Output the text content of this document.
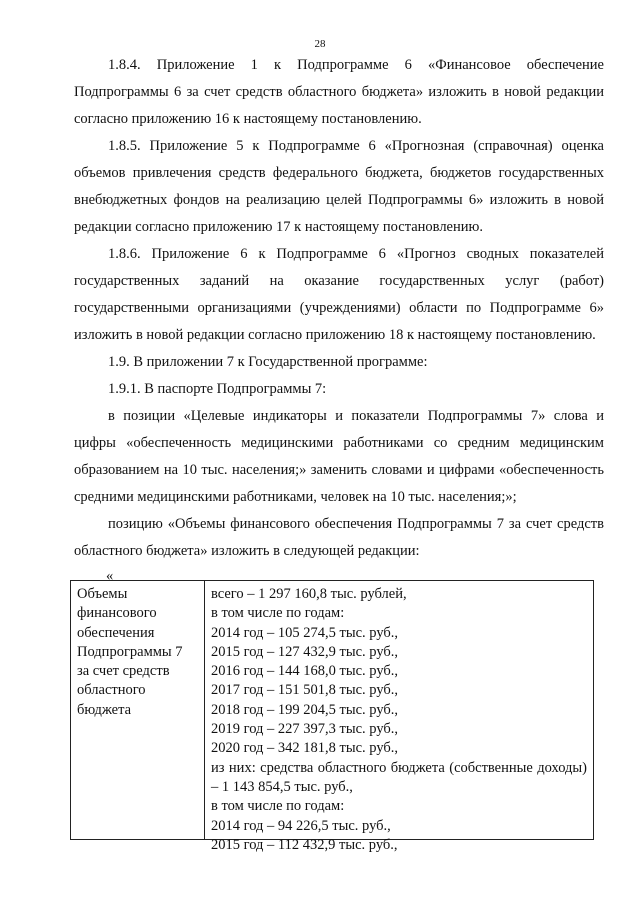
28

1.8.4. Приложение 1 к Подпрограмме 6 «Финансовое обеспечение Подпрограммы 6 за счет средств областного бюджета» изложить в новой редакции согласно приложению 16 к настоящему постановлению.

1.8.5. Приложение 5 к Подпрограмме 6 «Прогнозная (справочная) оценка объемов привлечения средств федерального бюджета, бюджетов государственных внебюджетных фондов на реализацию целей Подпрограммы 6» изложить в новой редакции согласно приложению 17 к настоящему постановлению.

1.8.6. Приложение 6 к Подпрограмме 6 «Прогноз сводных показателей государственных заданий на оказание государственных услуг (работ) государственными организациями (учреждениями) области по Подпрограмме 6» изложить в новой редакции согласно приложению 18 к настоящему постановлению.

1.9. В приложении 7 к Государственной программе:

1.9.1. В паспорте Подпрограммы 7:

в позиции «Целевые индикаторы и показатели Подпрограммы 7» слова и цифры «обеспеченность медицинскими работниками со средним медицинским образованием на 10 тыс. населения;» заменить словами и цифрами «обеспеченность средними медицинскими работниками, человек на 10 тыс. населения;»;

позицию «Объемы финансового обеспечения Подпрограммы 7 за счет средств областного бюджета» изложить в следующей редакции:

«
Объемы
финансового
обеспечения
Подпрограммы 7
за счет средств
областного
бюджета
всего – 1 297 160,8 тыс. рублей,
в том числе по годам:
2014 год – 105 274,5 тыс. руб.,
2015 год – 127 432,9 тыс. руб.,
2016 год – 144 168,0 тыс. руб.,
2017 год – 151 501,8 тыс. руб.,
2018 год – 199 204,5 тыс. руб.,
2019 год – 227 397,3 тыс. руб.,
2020 год – 342 181,8 тыс. руб.,
из них: средства областного бюджета (собственные доходы) – 1 143 854,5 тыс. руб.,
в том числе по годам:
2014 год – 94 226,5 тыс. руб.,
2015 год – 112 432,9 тыс. руб.,
